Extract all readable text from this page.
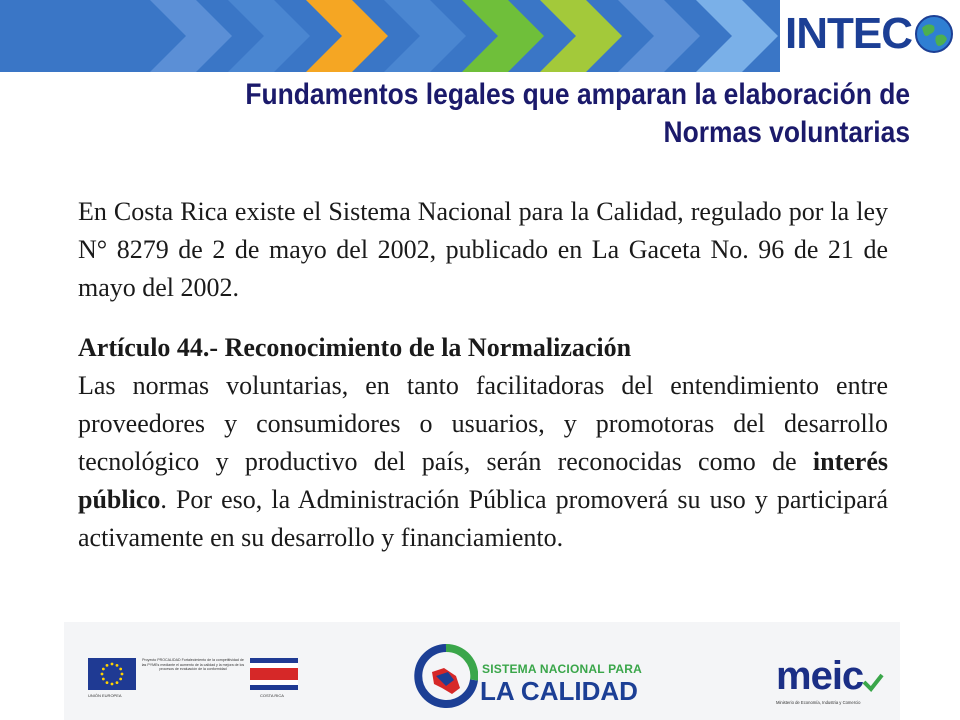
INTEC
Fundamentos legales que amparan la elaboración de Normas voluntarias

En Costa Rica existe el Sistema Nacional para la Calidad, regulado por la ley N° 8279 de 2 de mayo del 2002, publicado en La Gaceta No. 96 de 21 de mayo del 2002.

Artículo 44.- Reconocimiento de la Normalización

Las normas voluntarias, en tanto facilitadoras del entendimiento entre proveedores y consumidores o usuarios, y promotoras del desarrollo tecnológico y productivo del país, serán reconocidas como de interés público. Por eso, la Administración Pública promoverá su uso y participará activamente en su desarrollo y financiamiento.

UNIÓN EUROPEA
Proyecto PROCALIDAD Fortalecimiento de la competitividad de las PYMEs mediante el aumento de la calidad y la mejora de los procesos de evaluación de la conformidad
COSTA RICA
SISTEMA NACIONAL PARA
LA CALIDAD	meic
Ministerio de Economía, Industria y Comercio
